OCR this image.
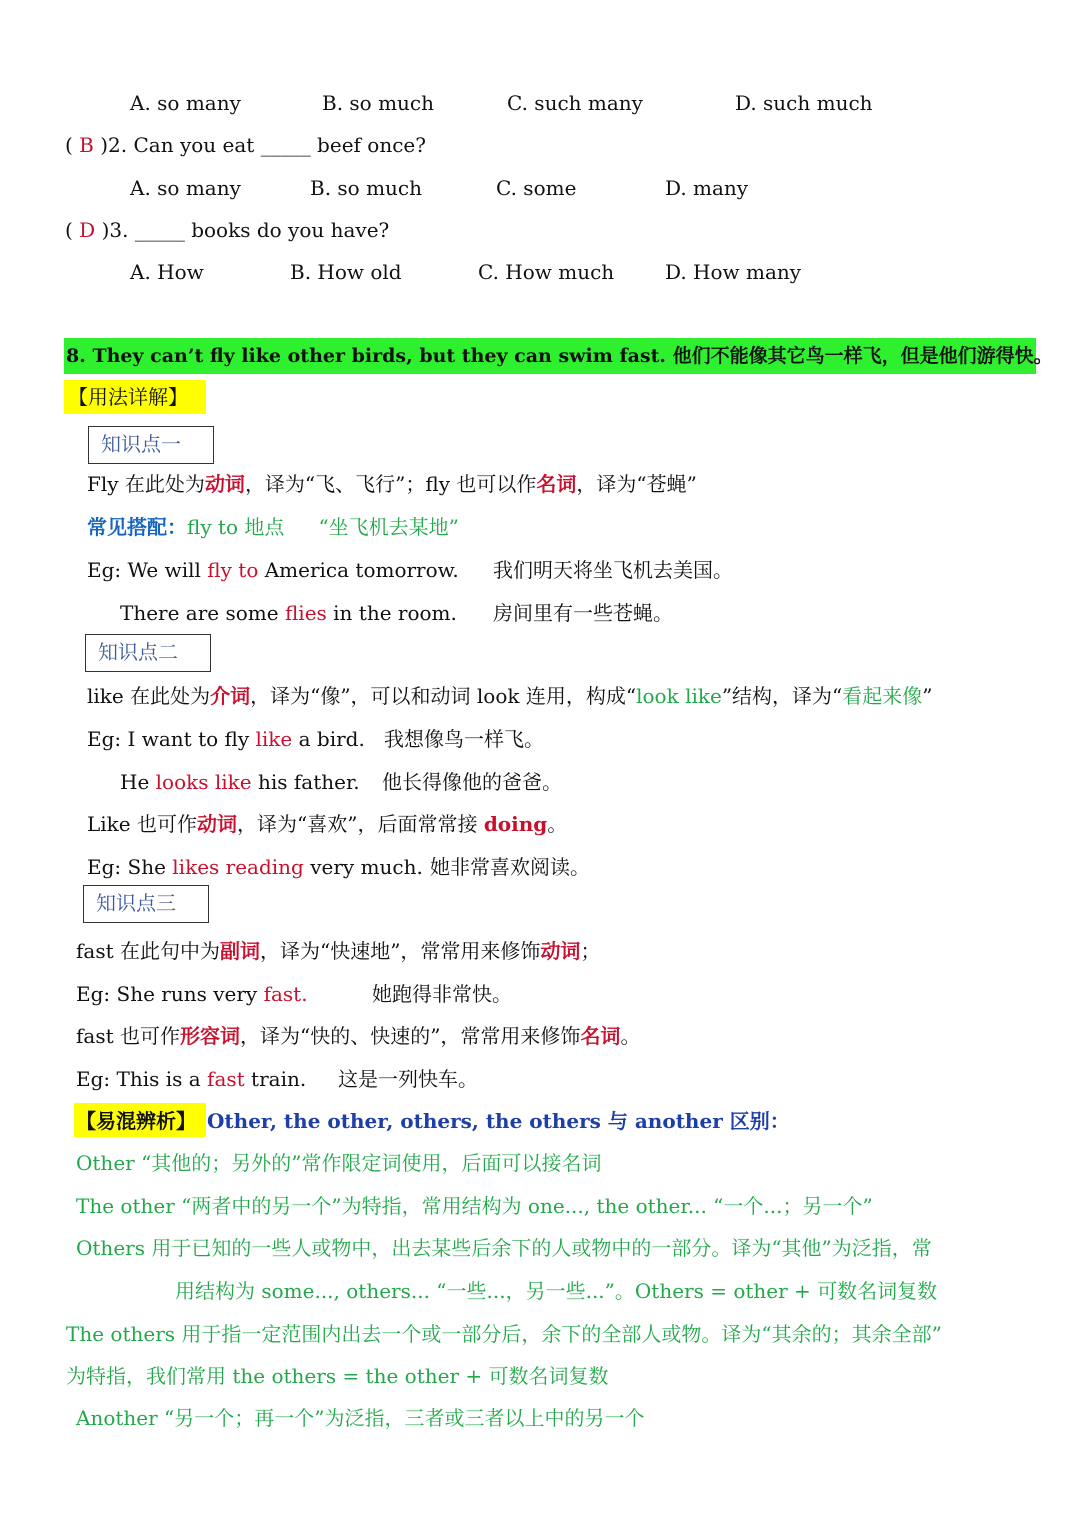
A. so many	B. so much	C. such many	D. such much
( B )2. Can you eat _____ beef once?
A. so many	B. so much	C. some	D. many
( D )3. _____ books do you have?
A. How	B. How old	C. How much	D. How many
8. They can’t fly like other birds, but they can swim fast. 他们不能像其它鸟一样飞，但是他们游得快。
【用法详解】
知识点一
Fly 在此处为动词，译为“飞、飞行”；fly 也可以作名词，译为“苍蝇”
常见搭配：fly to 地点 “坐飞机去某地”
Eg: We will fly to America tomorrow. 我们明天将坐飞机去美国。
There are some flies in the room. 房间里有一些苍蝇。
知识点二
like 在此处为介词，译为“像”，可以和动词 look 连用，构成“look like”结构，译为“看起来像”
Eg: I want to fly like a bird. 我想像鸟一样飞。
He looks like his father. 他长得像他的爸爸。
Like 也可作动词，译为“喜欢”，后面常常接 doing。
Eg: She likes reading very much. 她非常喜欢阅读。
知识点三
fast 在此句中为副词，译为“快速地”，常常用来修饰动词；
Eg: She runs very fast.	她跑得非常快。
fast 也可作形容词，译为“快的、快速的”，常常用来修饰名词。
Eg: This is a fast train. 这是一列快车。
【易混辨析】 Other, the other, others, the others 与 another 区别：
Other “其他的；另外的”常作限定词使用，后面可以接名词
The other “两者中的另一个”为特指，常用结构为 one..., the other... “一个...；另一个”
Others 用于已知的一些人或物中，出去某些后余下的人或物中的一部分。译为“其他”为泛指，常
用结构为 some..., others... “一些...，另一些...”。Others = other + 可数名词复数
The others 用于指一定范围内出去一个或一部分后，余下的全部人或物。译为“其余的；其余全部”
为特指，我们常用 the others = the other + 可数名词复数
Another “另一个；再一个”为泛指，三者或三者以上中的另一个
